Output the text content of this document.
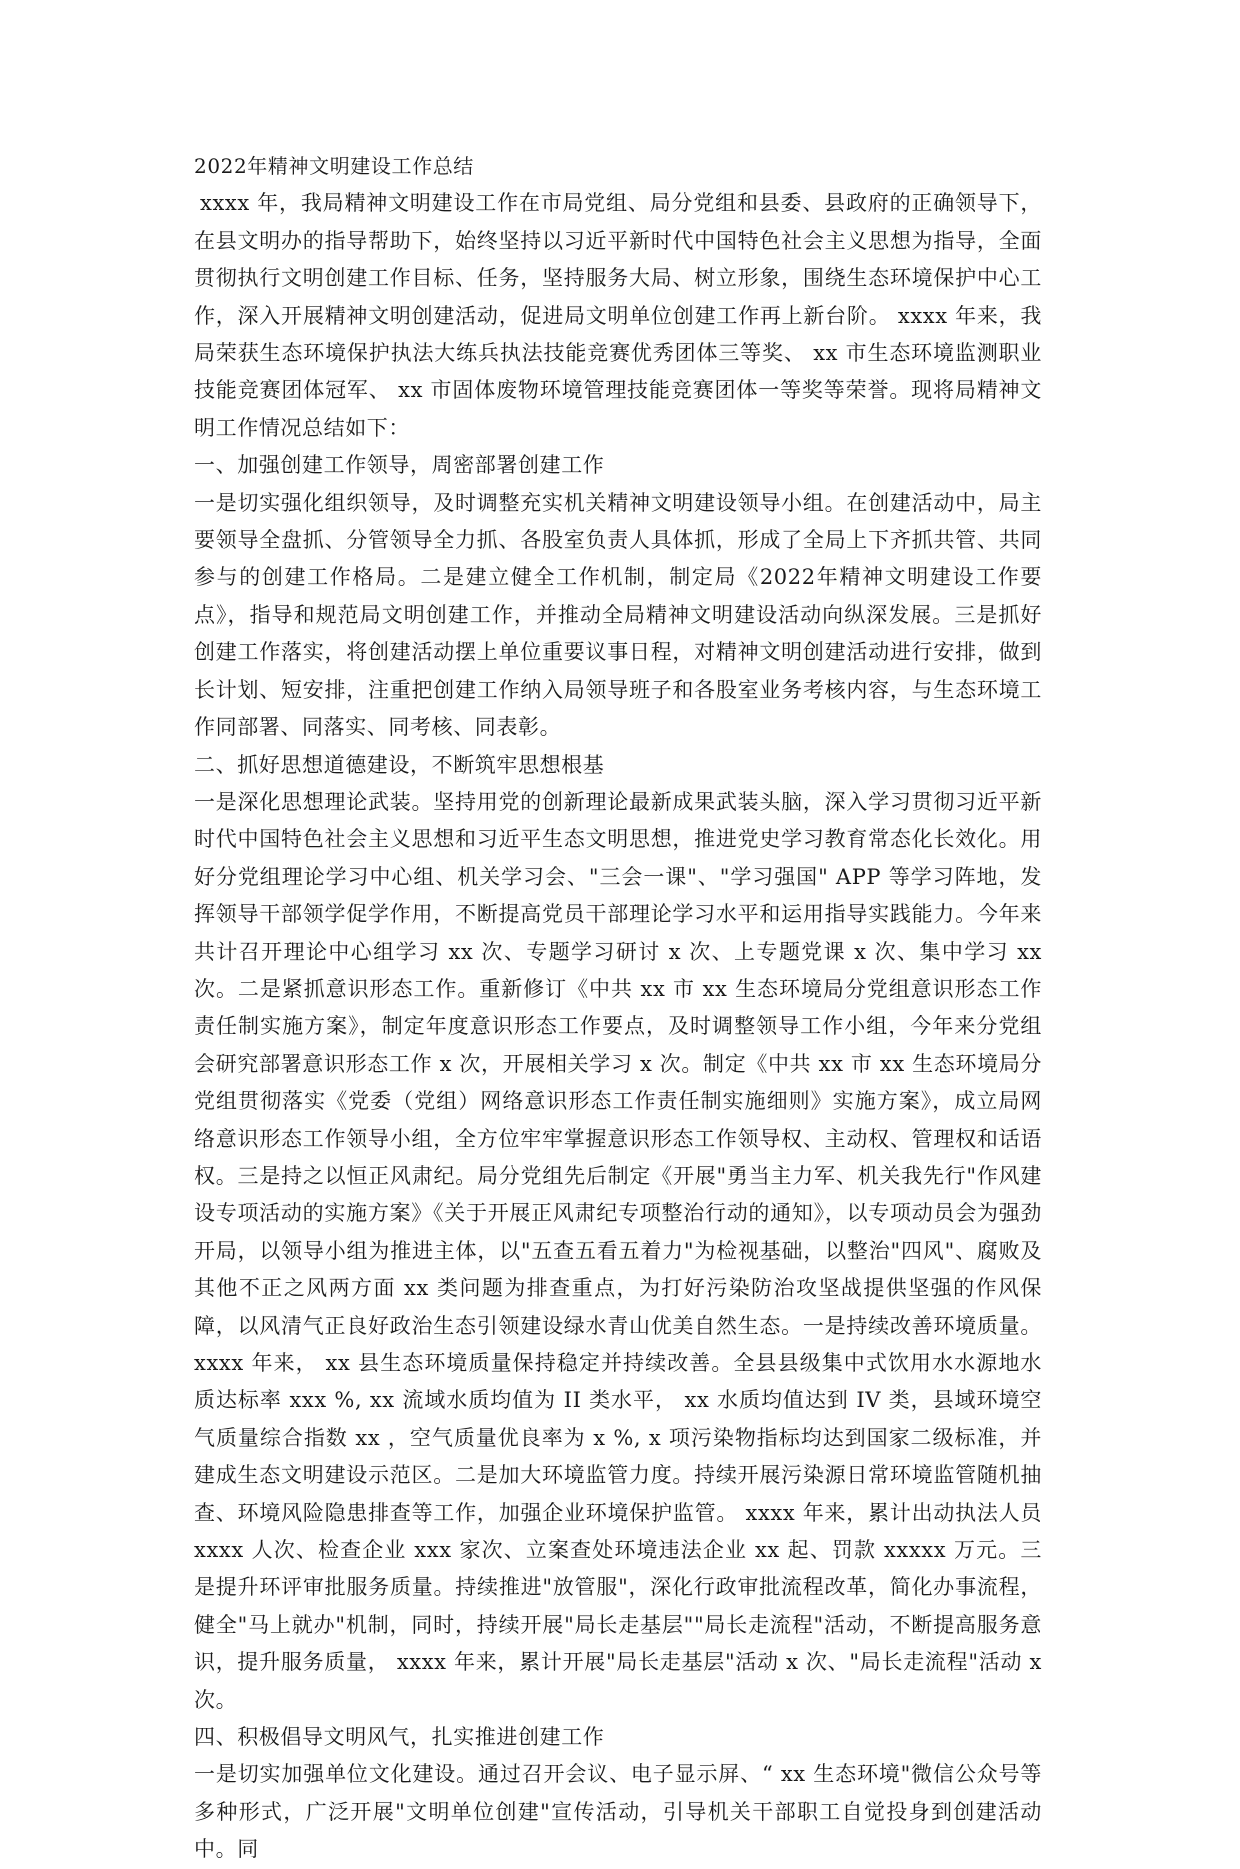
2022年精神文明建设工作总结

xxxx 年，我局精神文明建设工作在市局党组、局分党组和县委、县政府的正确领导下，在县文明办的指导帮助下，始终坚持以习近平新时代中国特色社会主义思想为指导，全面贯彻执行文明创建工作目标、任务，坚持服务大局、树立形象，围绕生态环境保护中心工作，深入开展精神文明创建活动，促进局文明单位创建工作再上新台阶。 xxxx 年来，我局荣获生态环境保护执法大练兵执法技能竞赛优秀团体三等奖、 xx 市生态环境监测职业技能竞赛团体冠军、 xx 市固体废物环境管理技能竞赛团体一等奖等荣誉。现将局精神文明工作情况总结如下：

一、加强创建工作领导，周密部署创建工作

一是切实强化组织领导，及时调整充实机关精神文明建设领导小组。在创建活动中，局主要领导全盘抓、分管领导全力抓、各股室负责人具体抓，形成了全局上下齐抓共管、共同参与的创建工作格局。二是建立健全工作机制，制定局《2022年精神文明建设工作要点》，指导和规范局文明创建工作，并推动全局精神文明建设活动向纵深发展。三是抓好创建工作落实，将创建活动摆上单位重要议事日程，对精神文明创建活动进行安排，做到长计划、短安排，注重把创建工作纳入局领导班子和各股室业务考核内容，与生态环境工作同部署、同落实、同考核、同表彰。

二、抓好思想道德建设，不断筑牢思想根基

一是深化思想理论武装。坚持用党的创新理论最新成果武装头脑，深入学习贯彻习近平新时代中国特色社会主义思想和习近平生态文明思想，推进党史学习教育常态化长效化。用好分党组理论学习中心组、机关学习会、"三会一课"、"学习强国" APP 等学习阵地，发挥领导干部领学促学作用，不断提高党员干部理论学习水平和运用指导实践能力。今年来共计召开理论中心组学习 xx 次、专题学习研讨 x 次、上专题党课 x 次、集中学习 xx 次。二是紧抓意识形态工作。重新修订《中共 xx 市 xx 生态环境局分党组意识形态工作责任制实施方案》，制定年度意识形态工作要点，及时调整领导工作小组，今年来分党组会研究部署意识形态工作 x 次，开展相关学习 x 次。制定《中共 xx 市 xx 生态环境局分党组贯彻落实《党委（党组）网络意识形态工作责任制实施细则》实施方案》，成立局网络意识形态工作领导小组，全方位牢牢掌握意识形态工作领导权、主动权、管理权和话语权。三是持之以恒正风肃纪。局分党组先后制定《开展"勇当主力军、机关我先行"作风建设专项活动的实施方案》《关于开展正风肃纪专项整治行动的通知》，以专项动员会为强劲开局，以领导小组为推进主体，以"五查五看五着力"为检视基础，以整治"四风"、腐败及其他不正之风两方面 xx 类问题为排查重点，为打好污染防治攻坚战提供坚强的作风保障，以风清气正良好政治生态引领建设绿水青山优美自然生态。一是持续改善环境质量。 xxxx 年来， xx 县生态环境质量保持稳定并持续改善。全县县级集中式饮用水水源地水质达标率 xxx %, xx 流域水质均值为 II 类水平， xx 水质均值达到 IV 类，县域环境空气质量综合指数 xx ，空气质量优良率为 x %, x 项污染物指标均达到国家二级标准，并建成生态文明建设示范区。二是加大环境监管力度。持续开展污染源日常环境监管随机抽查、环境风险隐患排查等工作，加强企业环境保护监管。 xxxx 年来，累计出动执法人员 xxxx 人次、检查企业 xxx 家次、立案查处环境违法企业 xx 起、罚款 xxxxx 万元。三是提升环评审批服务质量。持续推进"放管服"，深化行政审批流程改革，简化办事流程，健全"马上就办"机制，同时，持续开展"局长走基层""局长走流程"活动，不断提高服务意识，提升服务质量， xxxx 年来，累计开展"局长走基层"活动 x 次、"局长走流程"活动 x 次。

四、积极倡导文明风气，扎实推进创建工作

一是切实加强单位文化建设。通过召开会议、电子显示屏、“ xx 生态环境"微信公众号等多种形式，广泛开展"文明单位创建"宣传活动，引导机关干部职工自觉投身到创建活动中。同
